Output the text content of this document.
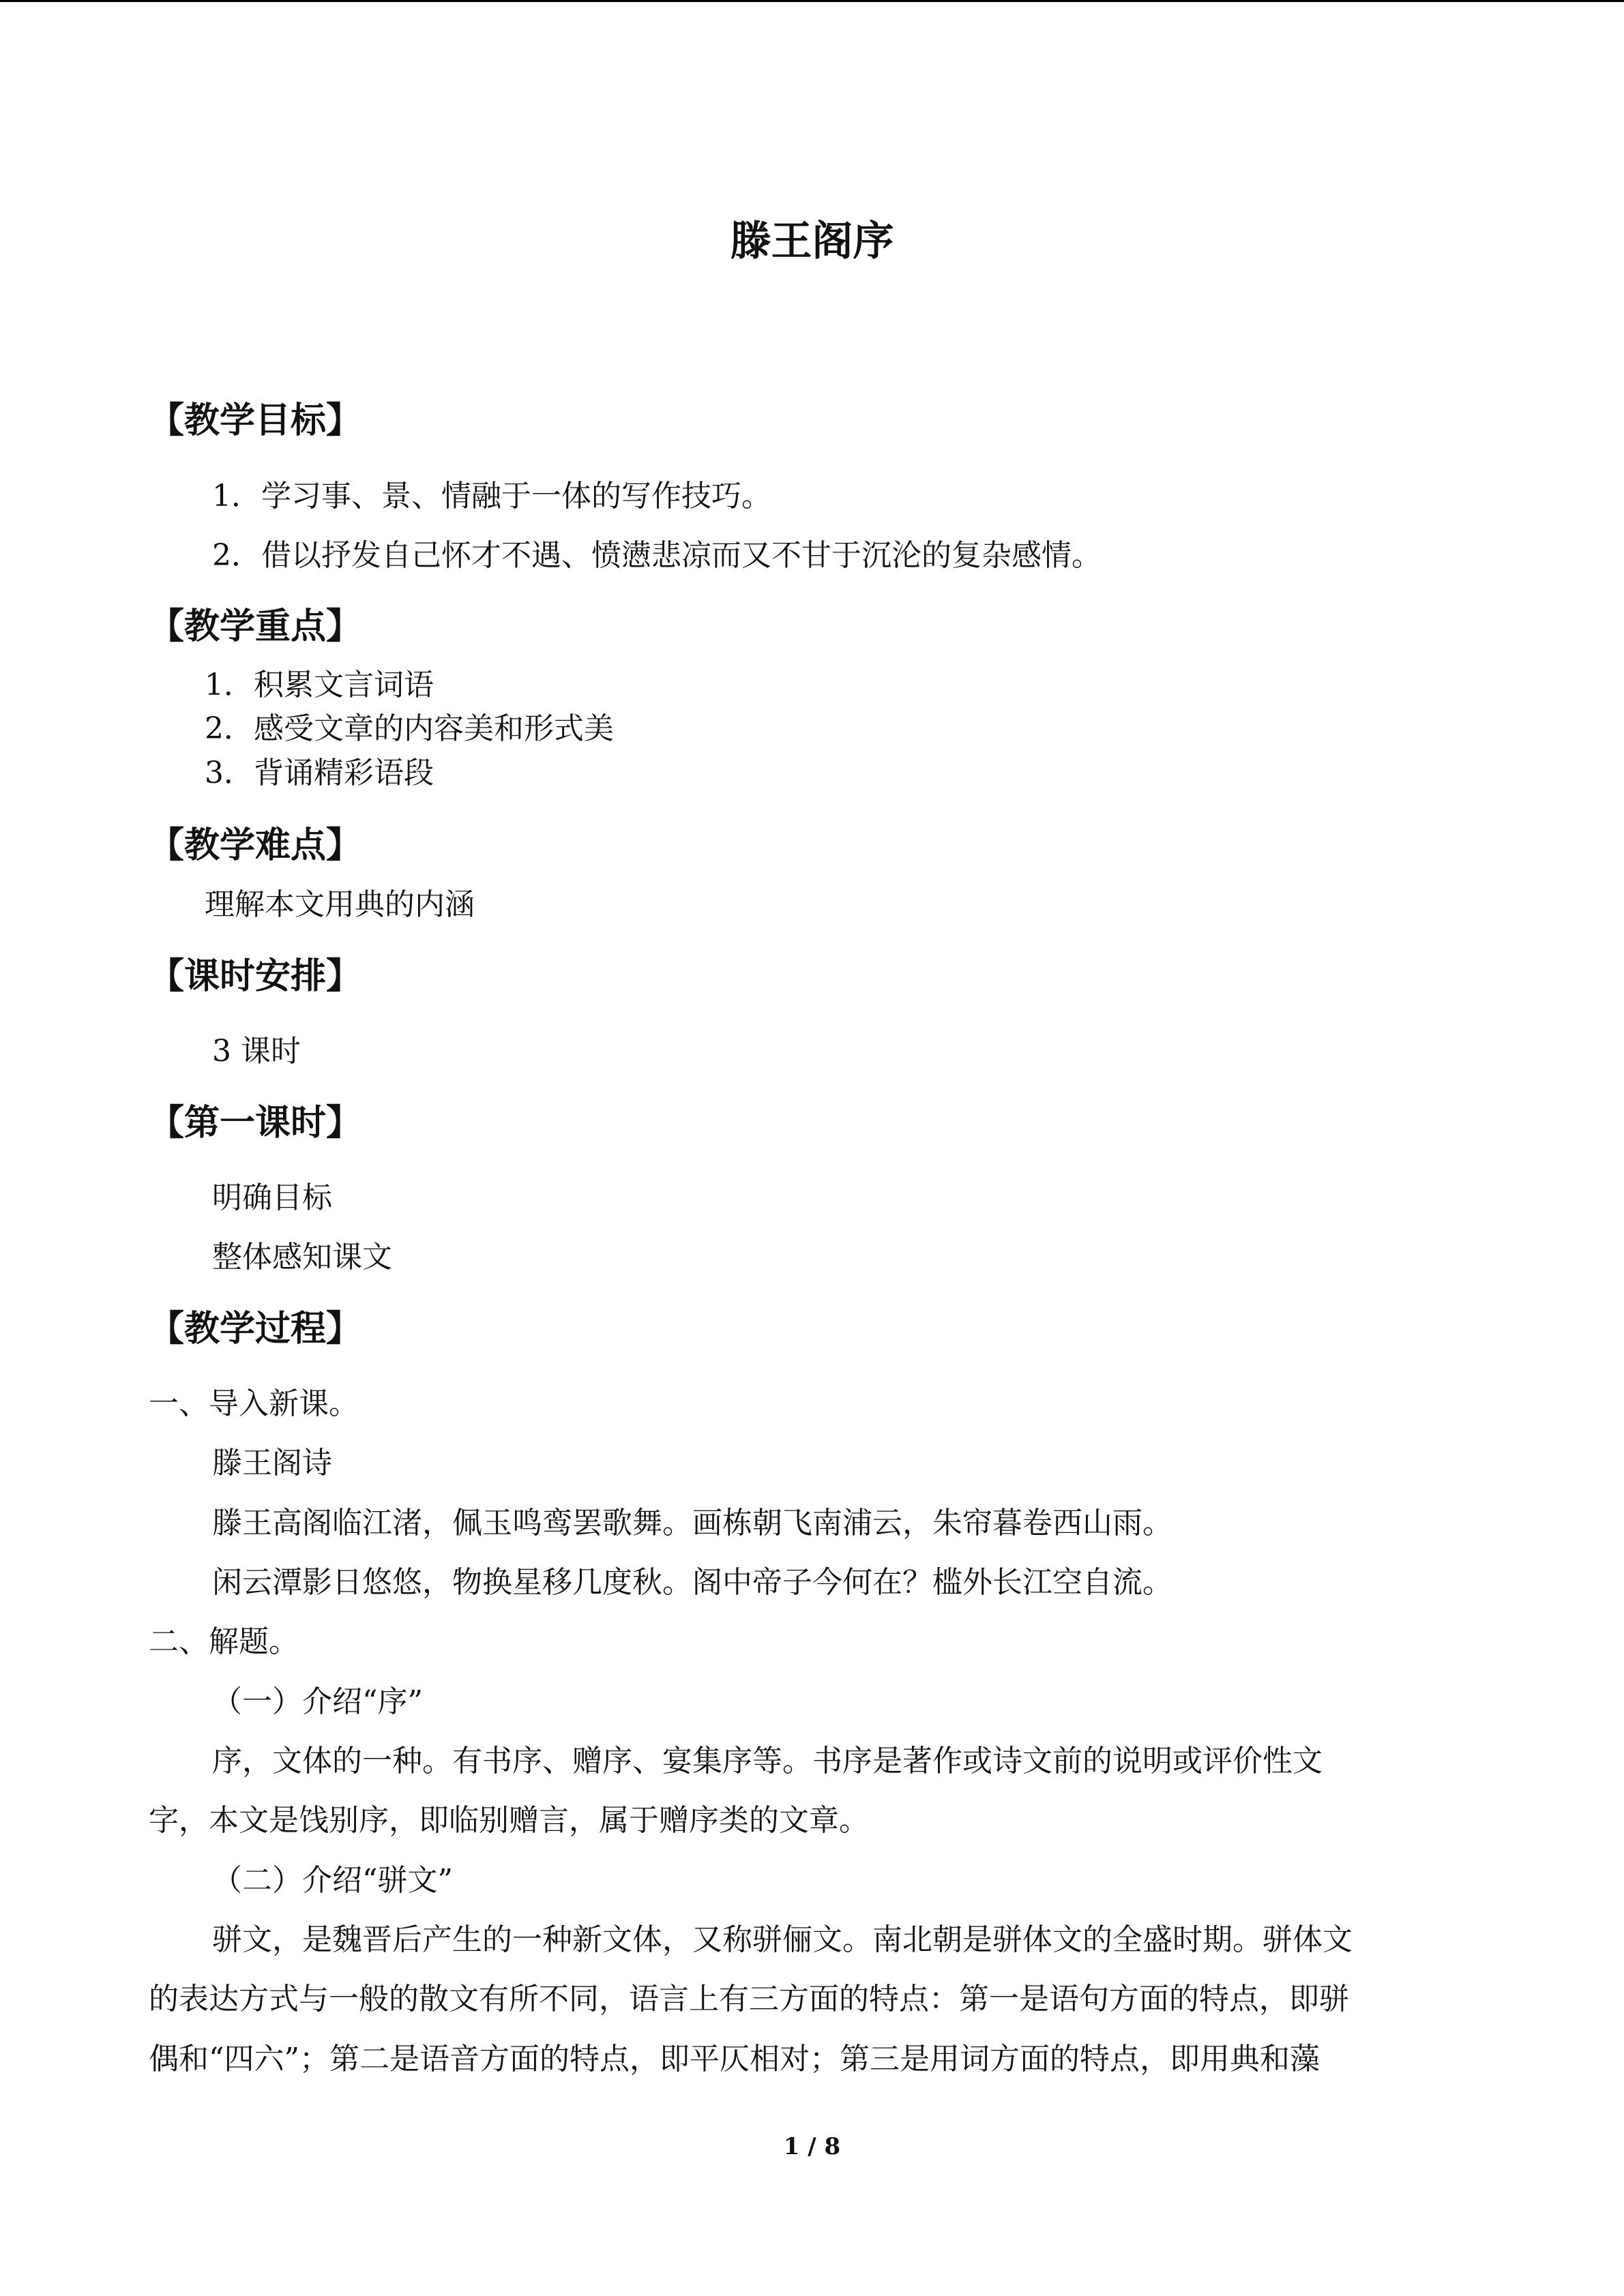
滕王阁序
【教学目标】
1．学习事、景、情融于一体的写作技巧。
2．借以抒发自己怀才不遇、愤懑悲凉而又不甘于沉沦的复杂感情。
【教学重点】
1．积累文言词语
2．感受文章的内容美和形式美
3．背诵精彩语段
【教学难点】
理解本文用典的内涵
【课时安排】
3 课时
【第一课时】
明确目标
整体感知课文
【教学过程】
一、导入新课。
滕王阁诗
滕王高阁临江渚，佩玉鸣鸾罢歌舞。画栋朝飞南浦云，朱帘暮卷西山雨。
闲云潭影日悠悠，物换星移几度秋。阁中帝子今何在？槛外长江空自流。
二、解题。
（一）介绍“序”
序，文体的一种。有书序、赠序、宴集序等。书序是著作或诗文前的说明或评价性文
字，本文是饯别序，即临别赠言，属于赠序类的文章。
（二）介绍“骈文”
骈文，是魏晋后产生的一种新文体，又称骈俪文。南北朝是骈体文的全盛时期。骈体文
的表达方式与一般的散文有所不同，语言上有三方面的特点：第一是语句方面的特点，即骈
偶和“四六”；第二是语音方面的特点，即平仄相对；第三是用词方面的特点，即用典和藻
1 / 8
